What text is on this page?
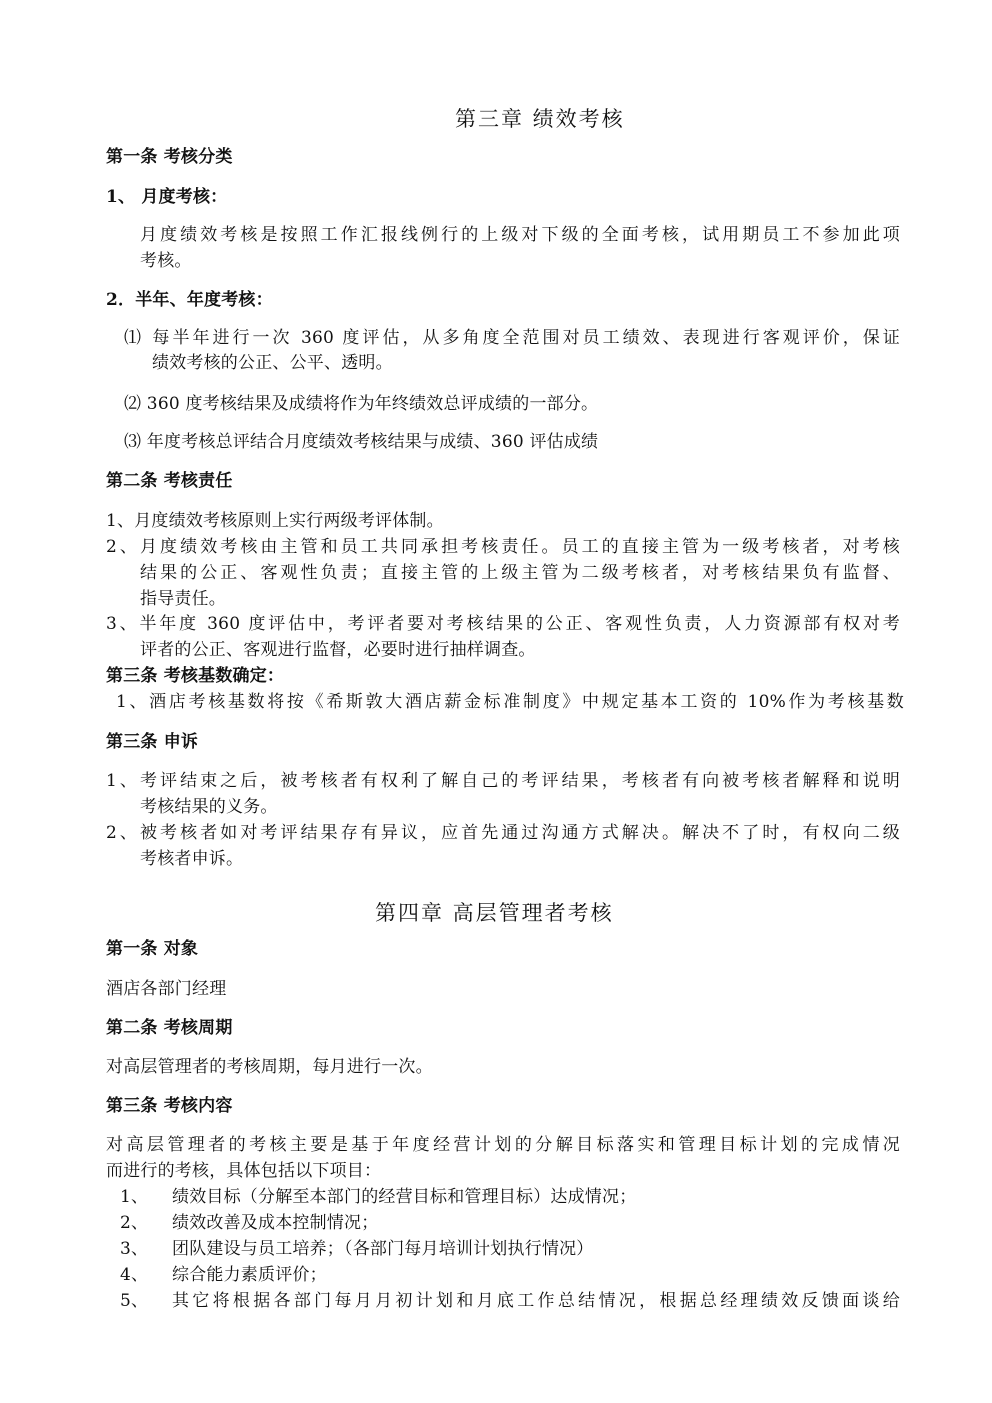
第三章 绩效考核
第一条 考核分类
1、 月度考核：
月度绩效考核是按照工作汇报线例行的上级对下级的全面考核，试用期员工不参加此项
考核。
2．半年、年度考核：
⑴ 每半年进行一次 360 度评估，从多角度全范围对员工绩效、表现进行客观评价，保证
绩效考核的公正、公平、透明。
⑵ 360 度考核结果及成绩将作为年终绩效总评成绩的一部分。
⑶ 年度考核总评结合月度绩效考核结果与成绩、360 评估成绩
第二条 考核责任
1、月度绩效考核原则上实行两级考评体制。
2、月度绩效考核由主管和员工共同承担考核责任。员工的直接主管为一级考核者，对考核
结果的公正、客观性负责；直接主管的上级主管为二级考核者，对考核结果负有监督、
指导责任。
3、半年度 360 度评估中，考评者要对考核结果的公正、客观性负责，人力资源部有权对考
评者的公正、客观进行监督，必要时进行抽样调查。
第三条 考核基数确定：
1、酒店考核基数将按《希斯敦大酒店薪金标准制度》中规定基本工资的 10%作为考核基数
第三条 申诉
1、考评结束之后，被考核者有权利了解自己的考评结果，考核者有向被考核者解释和说明
考核结果的义务。
2、被考核者如对考评结果存有异议，应首先通过沟通方式解决。解决不了时，有权向二级
考核者申诉。
第四章 高层管理者考核
第一条 对象
酒店各部门经理
第二条 考核周期
对高层管理者的考核周期，每月进行一次。
第三条 考核内容
对高层管理者的考核主要是基于年度经营计划的分解目标落实和管理目标计划的完成情况
而进行的考核，具体包括以下项目：
1、 绩效目标（分解至本部门的经营目标和管理目标）达成情况；
2、 绩效改善及成本控制情况；
3、 团队建设与员工培养；（各部门每月培训计划执行情况）
4、 综合能力素质评价；
5、 其它将根据各部门每月月初计划和月底工作总结情况，根据总经理绩效反馈面谈给
